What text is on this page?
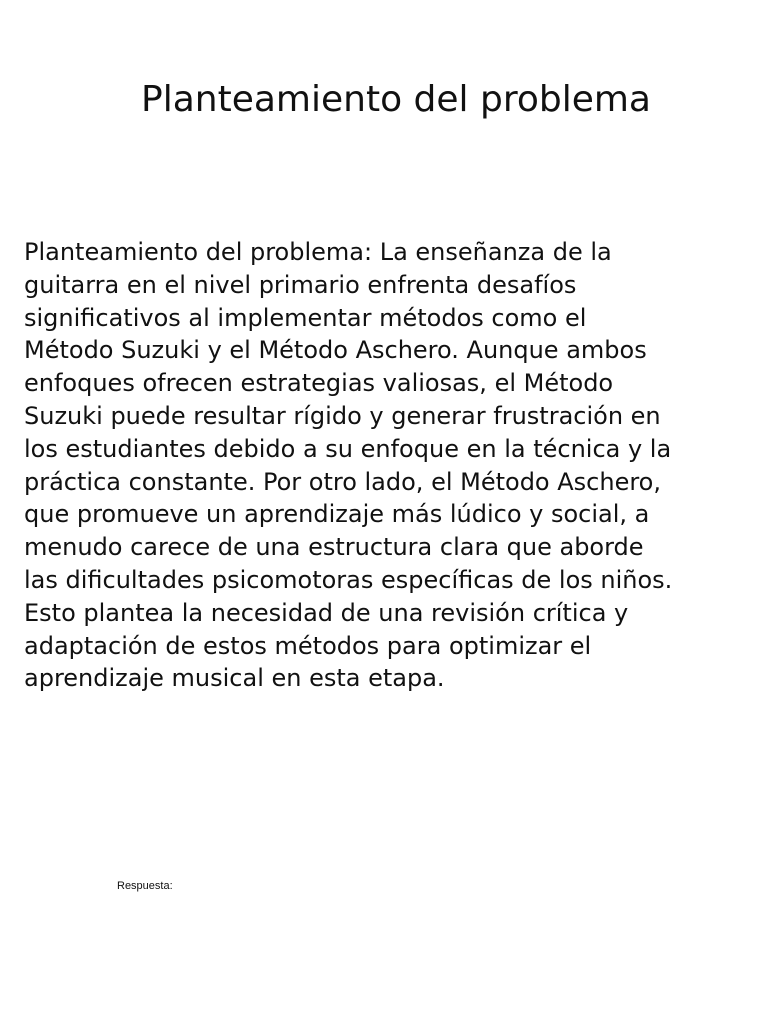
Planteamiento del problema

Planteamiento del problema: La enseñanza de la guitarra en el nivel primario enfrenta desafíos significativos al implementar métodos como el Método Suzuki y el Método Aschero. Aunque ambos enfoques ofrecen estrategias valiosas, el Método Suzuki puede resultar rígido y generar frustración en los estudiantes debido a su enfoque en la técnica y la práctica constante. Por otro lado, el Método Aschero, que promueve un aprendizaje más lúdico y social, a menudo carece de una estructura clara que aborde las dificultades psicomotoras específicas de los niños. Esto plantea la necesidad de una revisión crítica y adaptación de estos métodos para optimizar el aprendizaje musical en esta etapa.

Respuesta:
